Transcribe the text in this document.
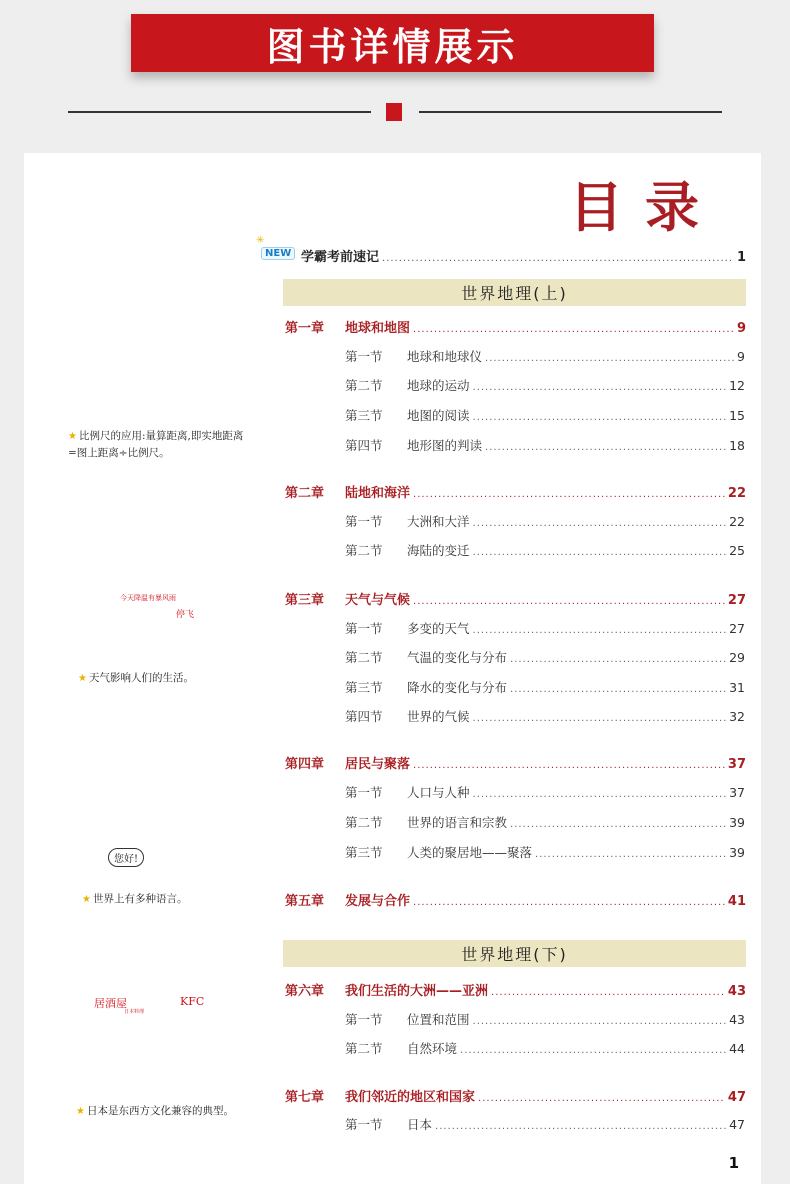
图书详情展示
目录
★ 比例尺的应用:量算距离,即实地距离=图上距离÷比例尺。
今天降温有暴风雨
停飞
★ 天气影响人们的生活。
您好!
★ 世界上有多种语言。
居酒屋
日本料理
KFC
★ 日本是东西方文化兼容的典型。
✳
NEW 学霸考前速记 .....	1
世界地理(上)
世界地理(下)
第一章	地球和地图 .....	9
第一节	地球和地球仪 .....	9
第二节	地球的运动 .....	12
第三节	地图的阅读 .....	15
第四节	地形图的判读 .....	18
第二章	陆地和海洋 .....	22
第一节	大洲和大洋 .....	22
第二节	海陆的变迁 .....	25
第三章	天气与气候 .....	27
第一节	多变的天气 .....	27
第二节	气温的变化与分布 .....	29
第三节	降水的变化与分布 .....	31
第四节	世界的气候 .....	32
第四章	居民与聚落 .....	37
第一节	人口与人种 .....	37
第二节	世界的语言和宗教 .....	39
第三节	人类的聚居地——聚落 .....	39
第五章	发展与合作 .....	41
第六章	我们生活的大洲——亚洲 .....	43
第一节	位置和范围 .....	43
第二节	自然环境 .....	44
第七章	我们邻近的地区和国家 .....	47
第一节	日本 .....	47
1
